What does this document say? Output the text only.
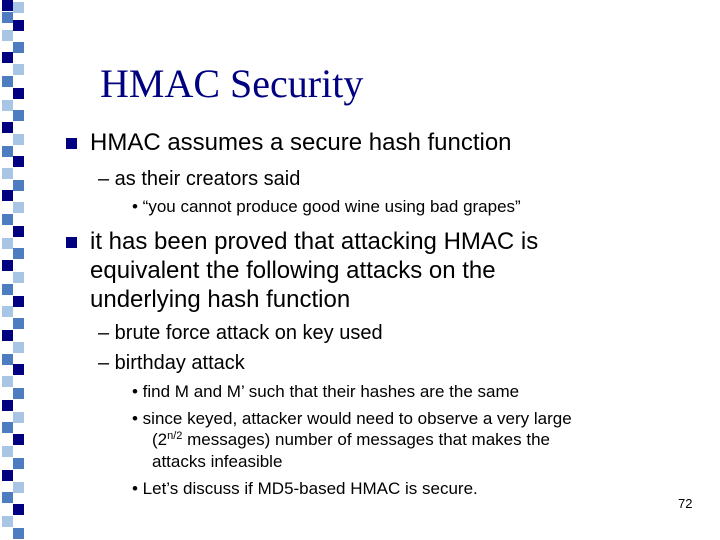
HMAC Security
HMAC assumes a secure hash function
– as their creators said
• “you cannot produce good wine using bad grapes”
it has been proved that attacking HMAC is
equivalent the following attacks on the
underlying hash function
– brute force attack on key used
– birthday attack
• find M and M’ such that their hashes are the same
• since keyed, attacker would need to observe a very large
($2^{n/2}$ messages) number of messages that makes the
attacks infeasible
• Let’s discuss if MD5-based HMAC is secure.
72
